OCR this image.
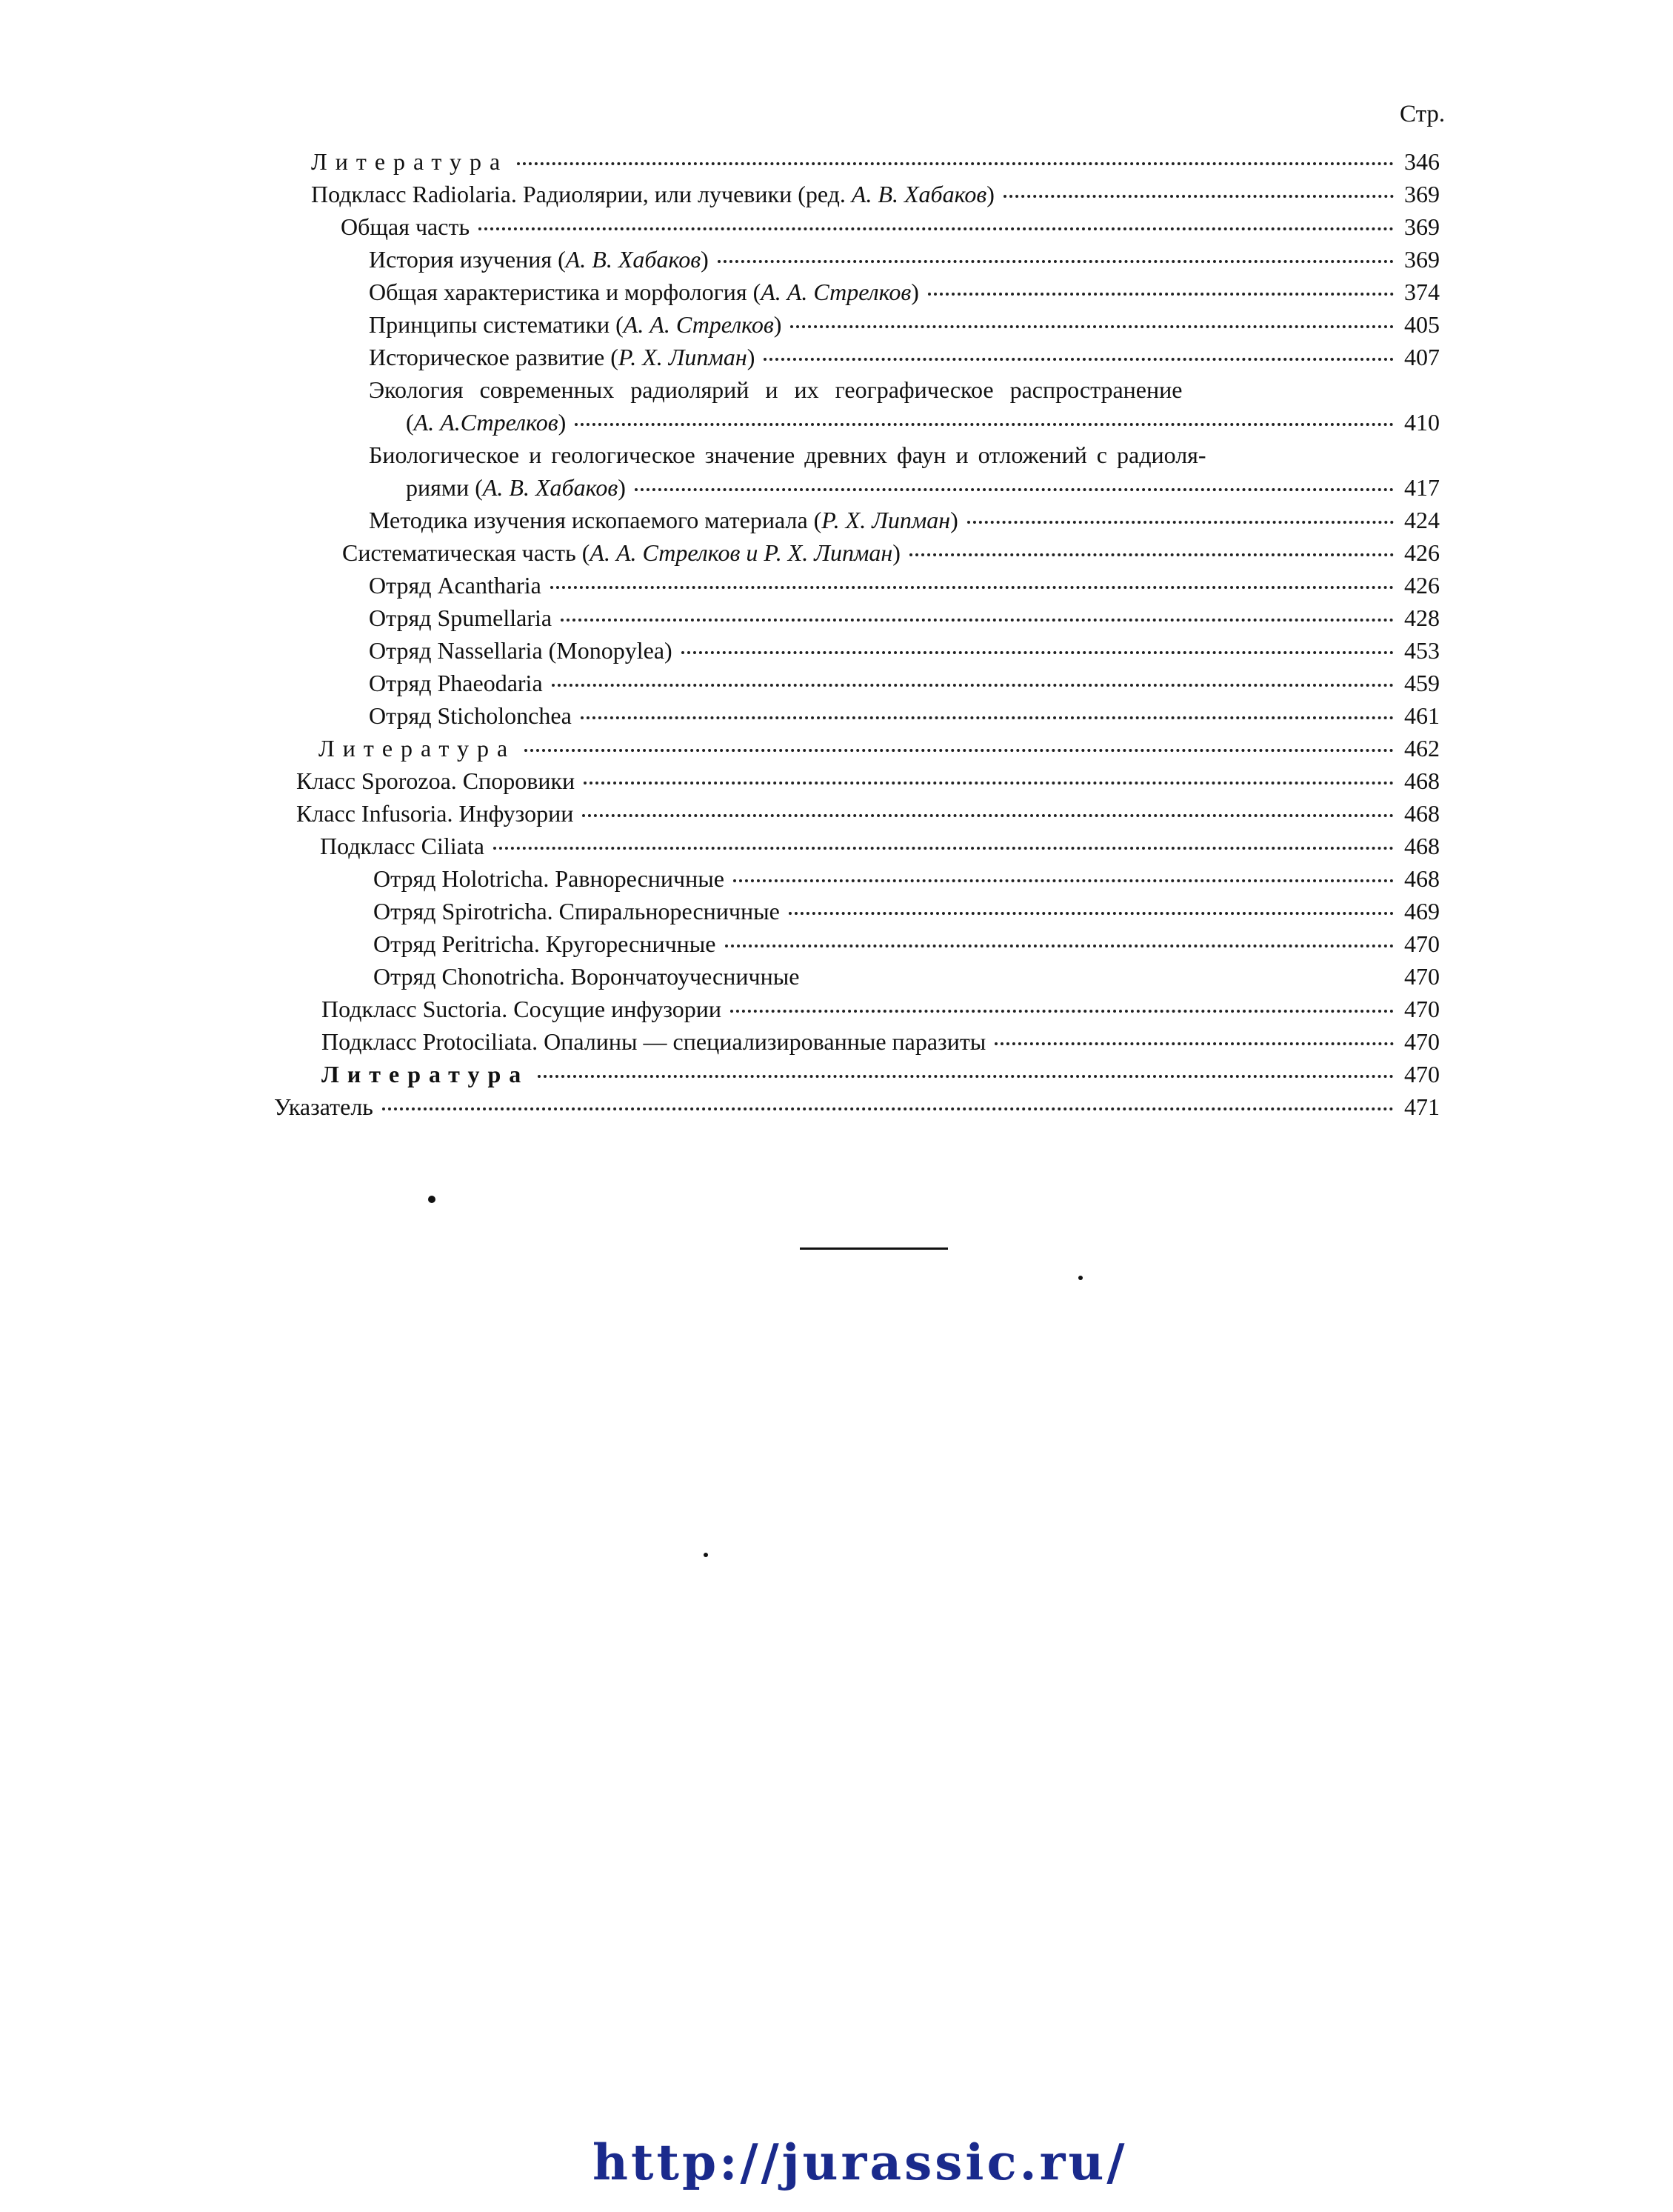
Стр.
Литература	346
Подкласс Radiolaria. Радиолярии, или лучевики (ред. А. В. Хабаков)	369
Общая часть	369
История изучения (А. В. Хабаков)	369
Общая характеристика и морфология (А. А. Стрелков)	374
Принципы систематики (А. А. Стрелков)	405
Историческое развитие (Р. Х. Липман)	407
Экология современных радиолярий и их географическое распространение
(А. А.Стрелков)	410
Биологическое и геологическое значение древних фаун и отложений с радиоля-
риями (А. В. Хабаков)	417
Методика изучения ископаемого материала (Р. Х. Липман)	424
Систематическая часть (А. А. Стрелков и Р. Х. Липман)	426
Отряд Acantharia	426
Отряд Spumellaria	428
Отряд Nassellaria (Monopylea)	453
Отряд Phaeodaria	459
Отряд Sticholonchea	461
Литература	462
Класс Sporozoa. Споровики	468
Класс Infusoria. Инфузории	468
Подкласс Ciliata	468
Отряд Holotricha. Равноресничные	468
Отряд Spirotricha. Спиральноресничные	469
Отряд Peritricha. Кругоресничные	470
Отряд Chonotricha. Ворончатоучесничные	470
Подкласс Suctoria. Сосущие инфузории	470
Подкласс Protociliata. Опалины — специализированные паразиты	470
Литература	470
Указатель	471
http://jurassic.ru/
